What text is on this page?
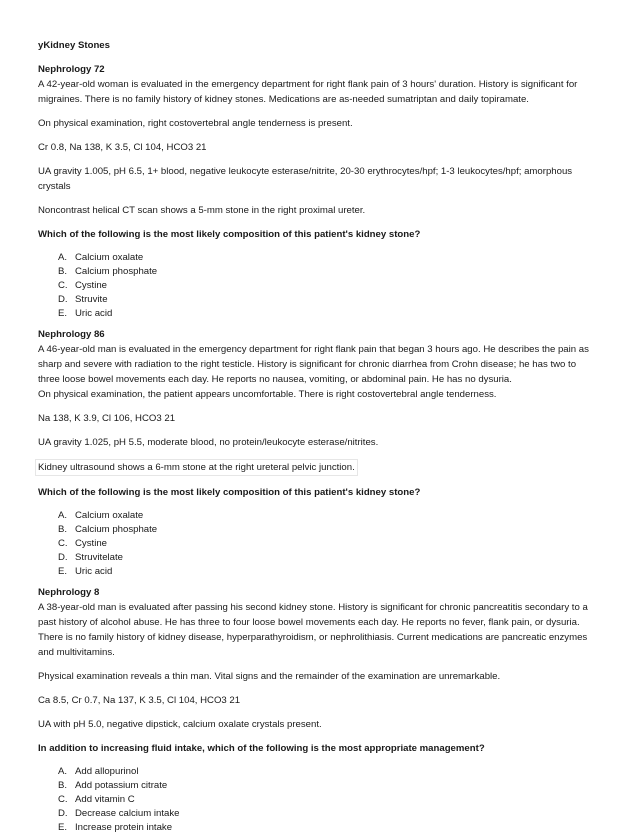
yKidney Stones

Nephrology 72

A 42-year-old woman is evaluated in the emergency department for right flank pain of 3 hours' duration. History is significant for migraines. There is no family history of kidney stones. Medications are as-needed sumatriptan and daily topiramate.

On physical examination, right costovertebral angle tenderness is present.

Cr 0.8, Na 138, K 3.5, Cl 104, HCO3 21

UA gravity 1.005, pH 6.5, 1+ blood, negative leukocyte esterase/nitrite, 20-30 erythrocytes/hpf; 1-3 leukocytes/hpf; amorphous crystals

Noncontrast helical CT scan shows a 5-mm stone in the right proximal ureter.

Which of the following is the most likely composition of this patient's kidney stone?

A. Calcium oxalate
B. Calcium phosphate
C. Cystine
D. Struvite
E. Uric acid

Nephrology 86

A 46-year-old man is evaluated in the emergency department for right flank pain that began 3 hours ago. He describes the pain as sharp and severe with radiation to the right testicle. History is significant for chronic diarrhea from Crohn disease; he has two to three loose bowel movements each day. He reports no nausea, vomiting, or abdominal pain. He has no dysuria.

On physical examination, the patient appears uncomfortable. There is right costovertebral angle tenderness.

Na 138, K 3.9, Cl 106, HCO3 21

UA gravity 1.025, pH 5.5, moderate blood, no protein/leukocyte esterase/nitrites.

Kidney ultrasound shows a 6-mm stone at the right ureteral pelvic junction.

Which of the following is the most likely composition of this patient's kidney stone?

A. Calcium oxalate
B. Calcium phosphate
C. Cystine
D. Struvitelate
E. Uric acid

Nephrology 8

A 38-year-old man is evaluated after passing his second kidney stone. History is significant for chronic pancreatitis secondary to a past history of alcohol abuse. He has three to four loose bowel movements each day. He reports no fever, flank pain, or dysuria. There is no family history of kidney disease, hyperparathyroidism, or nephrolithiasis. Current medications are pancreatic enzymes and multivitamins.

Physical examination reveals a thin man. Vital signs and the remainder of the examination are unremarkable.

Ca 8.5, Cr 0.7, Na 137, K 3.5, Cl 104, HCO3 21

UA with pH 5.0, negative dipstick, calcium oxalate crystals present.

In addition to increasing fluid intake, which of the following is the most appropriate management?

A. Add allopurinol
B. Add potassium citrate
C. Add vitamin C
D. Decrease calcium intake
E. Increase protein intake
